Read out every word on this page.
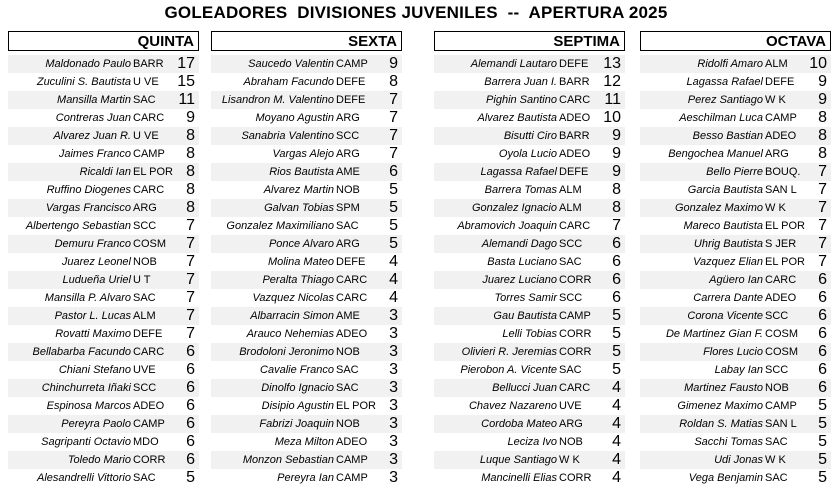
GOLEADORES  DIVISIONES JUVENILES  --  APERTURA 2025
QUINTA
Maldonado Paulo BARR 17
Zuculini S. Bautista U VE 15
Mansilla Martin SAC 11
Contreras Juan CARC 9
Alvarez Juan R. U VE 8
Jaimes Franco CAMP 8
Ricaldi Ian EL POR 8
Ruffino Diogenes CARC 8
Vargas Francisco ARG 8
Albertengo Sebastian SCC 7
Demuru Franco COSM 7
Juarez Leonel NOB 7
Ludueña Uriel U T 7
Mansilla P. Alvaro SAC 7
Pastor L. Lucas ALM 7
Rovatti Maximo DEFE 7
Bellabarba Facundo CARC 6
Chiani Stefano UVE 6
Chinchurreta Iñaki SCC 6
Espinosa Marcos ADEO 6
Pereyra Paolo CAMP 6
Sagripanti Octavio MDO 6
Toledo Mario CORR 6
Alesandrelli Vittorio SAC 5
SEXTA
Saucedo Valentin CAMP 9
Abraham Facundo DEFE 8
Lisandron M. Valentino DEFE 7
Moyano Agustin ARG 7
Sanabria Valentino SCC 7
Vargas Alejo ARG 7
Rios Bautista AME 6
Alvarez Martin NOB 5
Galvan Tobias SPM 5
Gonzalez Maximiliano SAC 5
Ponce Alvaro ARG 5
Molina Mateo DEFE 4
Peralta Thiago CARC 4
Vazquez Nicolas CARC 4
Albarracin Simon AME 3
Arauco Nehemias ADEO 3
Brodoloni Jeronimo NOB 3
Cavalie Franco SAC 3
Dinolfo Ignacio SAC 3
Disipio Agustin EL POR 3
Fabrizi Joaquin NOB 3
Meza Milton ADEO 3
Monzon Sebastian CAMP 3
Pereyra Ian CAMP 3
SEPTIMA
Alemandi Lautaro DEFE 13
Barrera Juan I. BARR 12
Pighin Santino CARC 11
Alvarez Bautista ADEO 10
Bisutti Ciro BARR 9
Oyola Lucio ADEO 9
Lagassa Rafael DEFE 9
Barrera Tomas ALM 8
Gonzalez Ignacio ALM 8
Abramovich Joaquin CARC 7
Alemandi Dago SCC 6
Basta Luciano SAC 6
Juarez Luciano CORR 6
Torres Samir SCC 6
Gau Bautista CAMP 5
Lelli Tobias CORR 5
Olivieri R. Jeremias CORR 5
Pierobon A. Vicente SAC 5
Bellucci Juan CARC 4
Chavez Nazareno UVE 4
Cordoba Mateo ARG 4
Leciza Ivo NOB 4
Luque Santiago W K 4
Mancinelli Elias CORR 4
OCTAVA
Ridolfi Amaro ALM 10
Lagassa Rafael DEFE 9
Perez Santiago W K 9
Aeschilman Luca CAMP 8
Besso Bastian ADEO 8
Bengochea Manuel ARG 8
Bello Pierre BOUQ. 7
Garcia Bautista SAN L 7
Gonzalez Maximo W K 7
Mareco Bautista EL POR 7
Uhrig Bautista S JER 7
Vazquez Elian EL POR 7
Agüero Ian CARC 6
Carrera Dante ADEO 6
Corona Vicente SCC 6
De Martinez Gian F. COSM 6
Flores Lucio COSM 6
Labay Ian SCC 6
Martinez Fausto NOB 6
Gimenez Maximo CAMP 5
Roldan S. Matias SAN L 5
Sacchi Tomas SAC 5
Udi Jonas W K 5
Vega Benjamin SAC 5
